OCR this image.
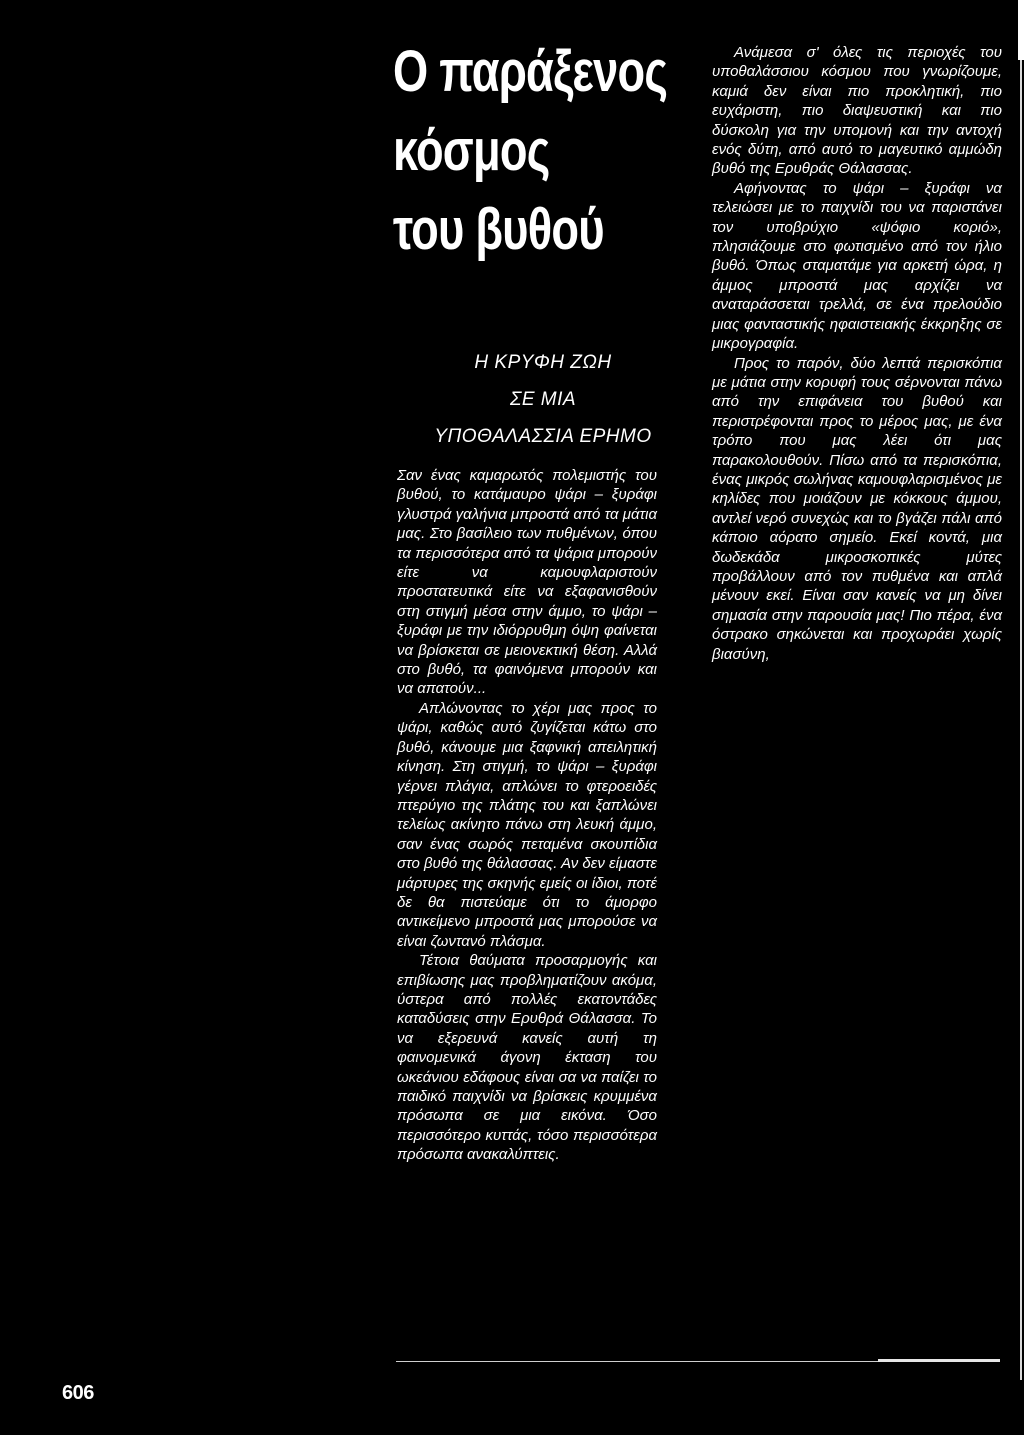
Ο παράξενος
κόσμος
του βυθού
Η ΚΡΥΦΗ ΖΩΗ
ΣΕ ΜΙΑ
ΥΠΟΘΑΛΑΣΣΙΑ ΕΡΗΜΟ

Σαν ένας καμαρωτός πολεμιστής του βυθού, το κατάμαυρο ψάρι – ξυράφι γλυστρά γαλήνια μπροστά από τα μάτια μας. Στο βασίλειο των πυθμένων, όπου τα περισσότερα από τα ψάρια μπορούν είτε να καμουφλαριστούν προστατευτικά είτε να εξαφανισθούν στη στιγμή μέσα στην άμμο, το ψάρι – ξυράφι με την ιδιόρρυθμη όψη φαίνεται να βρίσκεται σε μειονεκτική θέση. Αλλά στο βυθό, τα φαινόμενα μπορούν και να απατούν...

Απλώνοντας το χέρι μας προς το ψάρι, καθώς αυτό ζυγίζεται κάτω στο βυθό, κάνουμε μια ξαφνική απειλητική κίνηση. Στη στιγμή, το ψάρι – ξυράφι γέρνει πλάγια, απλώνει το φτεροειδές πτερύγιο της πλάτης του και ξαπλώνει τελείως ακίνητο πάνω στη λευκή άμμο, σαν ένας σωρός πεταμένα σκουπίδια στο βυθό της θάλασσας. Αν δεν είμαστε μάρτυρες της σκηνής εμείς οι ίδιοι, ποτέ δε θα πιστεύαμε ότι το άμορφο αντικείμενο μπροστά μας μπορούσε να είναι ζωντανό πλάσμα.

Τέτοια θαύματα προσαρμογής και επιβίωσης μας προβληματίζουν ακόμα, ύστερα από πολλές εκατοντάδες καταδύσεις στην Ερυθρά Θάλασσα. Το να εξερευνά κανείς αυτή τη φαινομενικά άγονη έκταση του ωκεάνιου εδάφους είναι σα να παίζει το παιδικό παιχνίδι να βρίσκεις κρυμμένα πρόσωπα σε μια εικόνα. Όσο περισσότερο κυττάς, τόσο περισσότερα πρόσωπα ανακαλύπτεις.

Ανάμεσα σ' όλες τις περιοχές του υποθαλάσσιου κόσμου που γνωρίζουμε, καμιά δεν είναι πιο προκλητική, πιο ευχάριστη, πιο διαψευστική και πιο δύσκολη για την υπομονή και την αντοχή ενός δύτη, από αυτό το μαγευτικό αμμώδη βυθό της Ερυθράς Θάλασσας.

Αφήνοντας το ψάρι – ξυράφι να τελειώσει με το παιχνίδι του να παριστάνει τον υποβρύχιο «ψόφιο κοριό», πλησιάζουμε στο φωτισμένο από τον ήλιο βυθό. Όπως σταματάμε για αρκετή ώρα, η άμμος μπροστά μας αρχίζει να αναταράσσεται τρελλά, σε ένα πρελούδιο μιας φανταστικής ηφαιστειακής έκκρηξης σε μικρογραφία.

Προς το παρόν, δύο λεπτά περισκόπια με μάτια στην κορυφή τους σέρνονται πάνω από την επιφάνεια του βυθού και περιστρέφονται προς το μέρος μας, με ένα τρόπο που μας λέει ότι μας παρακολουθούν. Πίσω από τα περισκόπια, ένας μικρός σωλήνας καμουφλαρισμένος με κηλίδες που μοιάζουν με κόκκους άμμου, αντλεί νερό συνεχώς και το βγάζει πάλι από κάποιο αόρατο σημείο. Εκεί κοντά, μια δωδεκάδα μικροσκοπικές μύτες προβάλλουν από τον πυθμένα και απλά μένουν εκεί. Είναι σαν κανείς να μη δίνει σημασία στην παρουσία μας! Πιο πέρα, ένα όστρακο σηκώνεται και προχωράει χωρίς βιασύνη,

606
